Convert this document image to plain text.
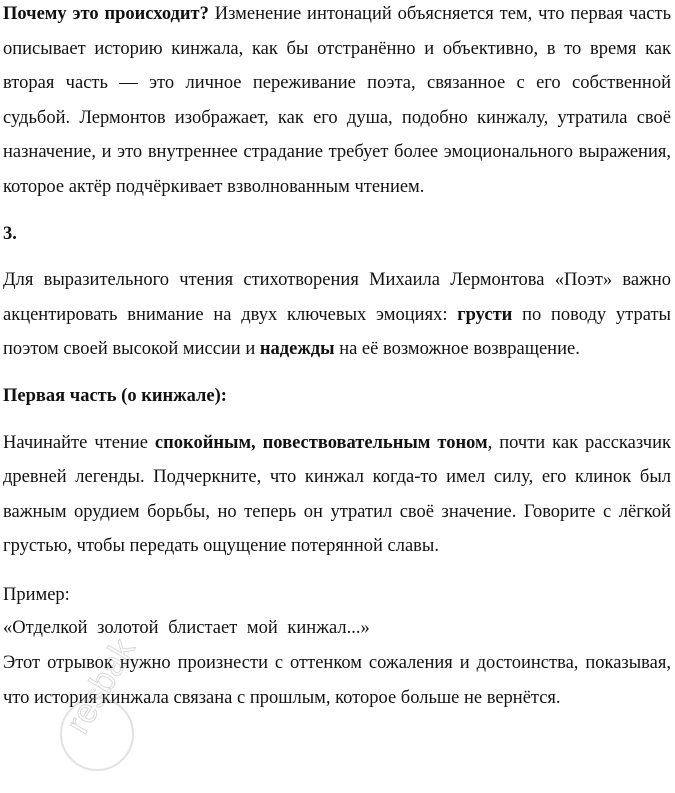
Почему это происходит? Изменение интонаций объясняется тем, что первая часть описывает историю кинжала, как бы отстранённо и объективно, в то время как вторая часть — это личное переживание поэта, связанное с его собственной судьбой. Лермонтов изображает, как его душа, подобно кинжалу, утратила своё назначение, и это внутреннее страдание требует более эмоционального выражения, которое актёр подчёркивает взволнованным чтением.

3.

Для выразительного чтения стихотворения Михаила Лермонтова «Поэт» важно акцентировать внимание на двух ключевых эмоциях: грусти по поводу утраты поэтом своей высокой миссии и надежды на её возможное возвращение.

Первая часть (о кинжале):

Начинайте чтение спокойным, повествовательным тоном, почти как рассказчик древней легенды. Подчеркните, что кинжал когда-то имел силу, его клинок был важным орудием борьбы, но теперь он утратил своё значение. Говорите с лёгкой грустью, чтобы передать ощущение потерянной славы.

Пример:

«Отделкой золотой блистает мой кинжал...»

Этот отрывок нужно произнести с оттенком сожаления и достоинства, показывая, что история кинжала связана с прошлым, которое больше не вернётся.

resbak
